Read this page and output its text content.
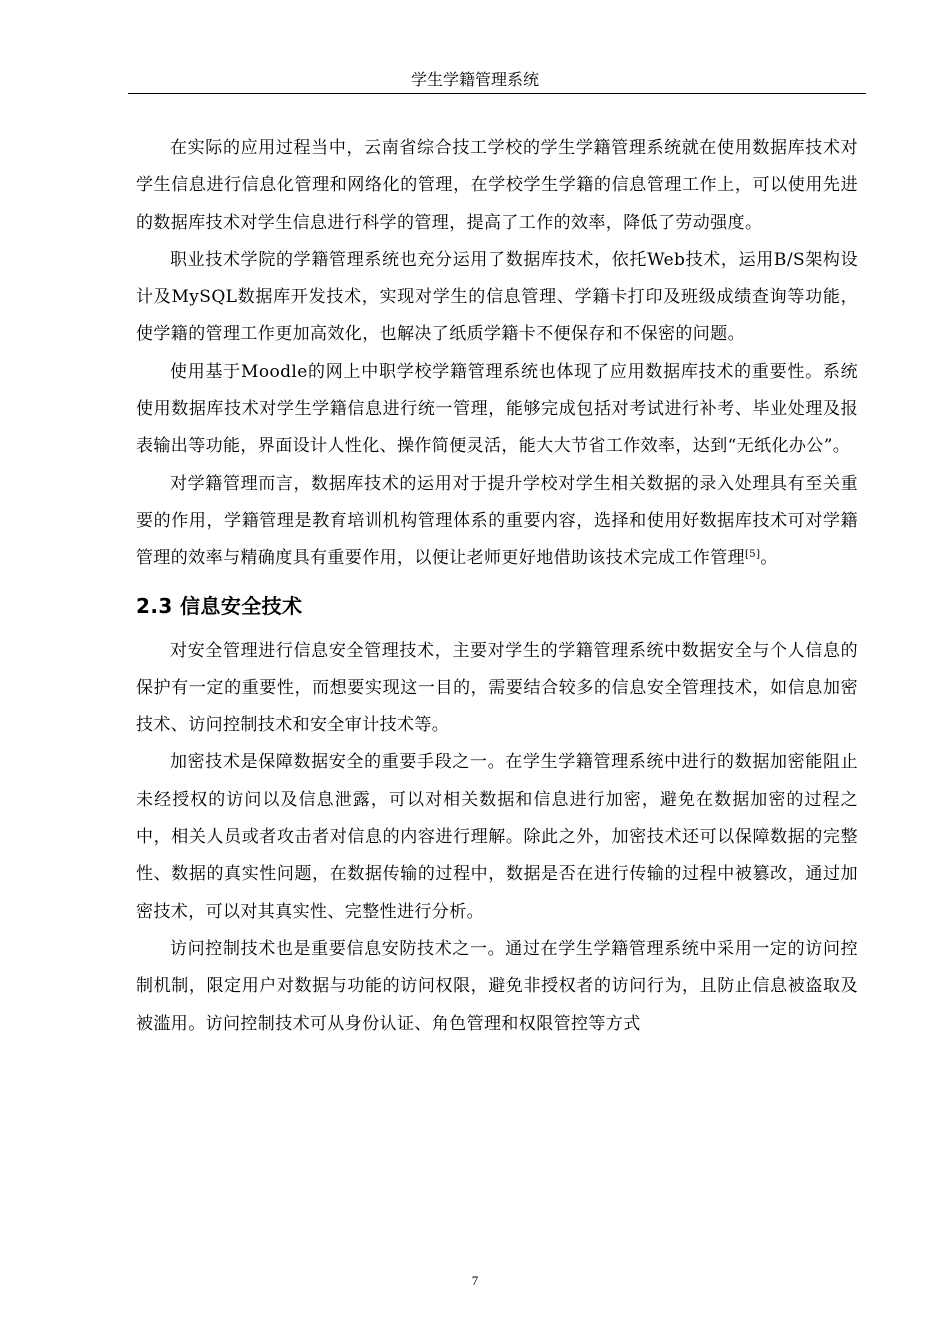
学生学籍管理系统

在实际的应用过程当中，云南省综合技工学校的学生学籍管理系统就在使用数据库技术对学生信息进行信息化管理和网络化的管理，在学校学生学籍的信息管理工作上，可以使用先进的数据库技术对学生信息进行科学的管理，提高了工作的效率，降低了劳动强度。

职业技术学院的学籍管理系统也充分运用了数据库技术，依托Web技术，运用B/S架构设计及MySQL数据库开发技术，实现对学生的信息管理、学籍卡打印及班级成绩查询等功能，使学籍的管理工作更加高效化，也解决了纸质学籍卡不便保存和不保密的问题。

使用基于Moodle的网上中职学校学籍管理系统也体现了应用数据库技术的重要性。系统使用数据库技术对学生学籍信息进行统一管理，能够完成包括对考试进行补考、毕业处理及报表输出等功能，界面设计人性化、操作简便灵活，能大大节省工作效率，达到“无纸化办公”。

对学籍管理而言，数据库技术的运用对于提升学校对学生相关数据的录入处理具有至关重要的作用，学籍管理是教育培训机构管理体系的重要内容，选择和使用好数据库技术可对学籍管理的效率与精确度具有重要作用，以便让老师更好地借助该技术完成工作管理[5]。

2.3 信息安全技术

对安全管理进行信息安全管理技术，主要对学生的学籍管理系统中数据安全与个人信息的保护有一定的重要性，而想要实现这一目的，需要结合较多的信息安全管理技术，如信息加密技术、访问控制技术和安全审计技术等。

加密技术是保障数据安全的重要手段之一。在学生学籍管理系统中进行的数据加密能阻止未经授权的访问以及信息泄露，可以对相关数据和信息进行加密，避免在数据加密的过程之中，相关人员或者攻击者对信息的内容进行理解。除此之外，加密技术还可以保障数据的完整性、数据的真实性问题，在数据传输的过程中，数据是否在进行传输的过程中被篡改，通过加密技术，可以对其真实性、完整性进行分析。

访问控制技术也是重要信息安防技术之一。通过在学生学籍管理系统中采用一定的访问控制机制，限定用户对数据与功能的访问权限，避免非授权者的访问行为，且防止信息被盗取及被滥用。访问控制技术可从身份认证、角色管理和权限管控等方式

7
